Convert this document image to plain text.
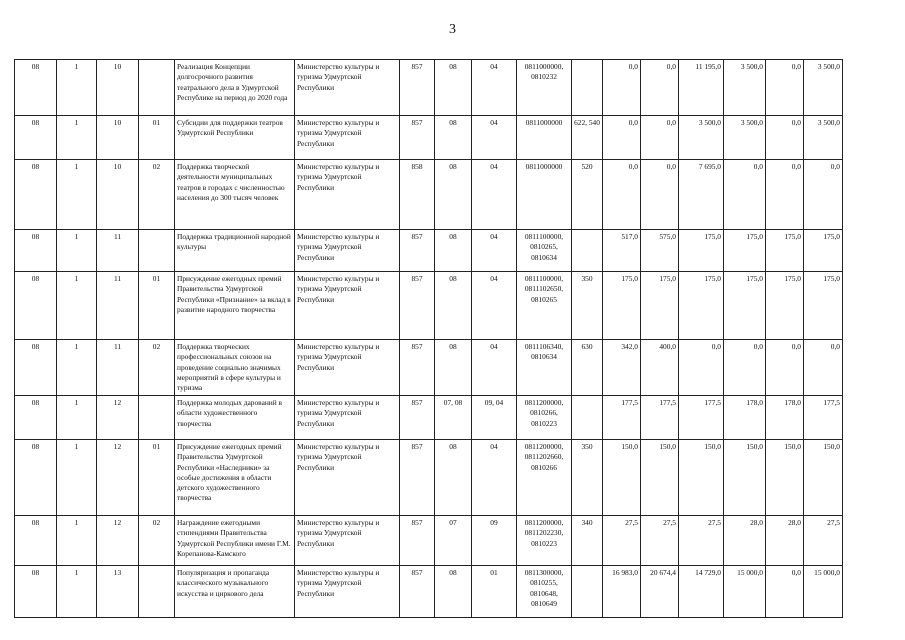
3
08	1	10		Реализация Концепции долгосрочного развития театрального дела в Удмуртской Республике на период до 2020 года	Министерство культуры и туризма Удмуртской Республики	857	08	04	0811000000, 0810232		0,0	0,0	11 195,0	3 500,0	0,0	3 500,0
08	1	10	01	Субсидии для поддержки театров Удмуртской Республики	Министерство культуры и туризма Удмуртской Республики	857	08	04	0811000000	622, 540	0,0	0,0	3 500,0	3 500,0	0,0	3 500,0
08	1	10	02	Поддержка творческой деятельности муниципальных театров в городах с численностью населения до 300 тысяч человек	Министерство культуры и туризма Удмуртской Республики	858	08	04	0811000000	520	0,0	0,0	7 695,0	0,0	0,0	0,0
08	1	11		Поддержка традиционной народной культуры	Министерство культуры и туризма Удмуртской Республики	857	08	04	0811100000, 0810265, 0810634		517,0	575,0	175,0	175,0	175,0	175,0
08	1	11	01	Присуждение ежегодных премий Правительства Удмуртской Республики «Признание» за вклад в развитие народного творчества	Министерство культуры и туризма Удмуртской Республики	857	08	04	0811100000, 0811102650, 0810265	350	175,0	175,0	175,0	175,0	175,0	175,0
08	1	11	02	Поддержка творческих профессиональных союзов на проведение социально значимых мероприятий в сфере культуры и туризма	Министерство культуры и туризма Удмуртской Республики	857	08	04	0811106340, 0810634	630	342,0	400,0	0,0	0,0	0,0	0,0
08	1	12		Поддержка молодых дарований в области художественного творчества	Министерство культуры и туризма Удмуртской Республики	857	07, 08	09, 04	0811200000, 0810266, 0810223		177,5	177,5	177,5	178,0	178,0	177,5
08	1	12	01	Присуждение ежегодных премий Правительства Удмуртской Республики «Наследники» за особые достижения в области детского художественного творчества	Министерство культуры и туризма Удмуртской Республики	857	08	04	0811200000, 0811202660, 0810266	350	150,0	150,0	150,0	150,0	150,0	150,0
08	1	12	02	Награждение ежегодными стипендиями Правительства Удмуртской Республики имени Г.М. Корепанова-Камского	Министерство культуры и туризма Удмуртской Республики	857	07	09	0811200000, 0811202230, 0810223	340	27,5	27,5	27,5	28,0	28,0	27,5
08	1	13		Популяризация и пропаганда классического музыкального искусства и циркового дела	Министерство культуры и туризма Удмуртской Республики	857	08	01	0811300000, 0810255, 0810648, 0810649		16 983,0	20 674,4	14 729,0	15 000,0	0,0	15 000,0
